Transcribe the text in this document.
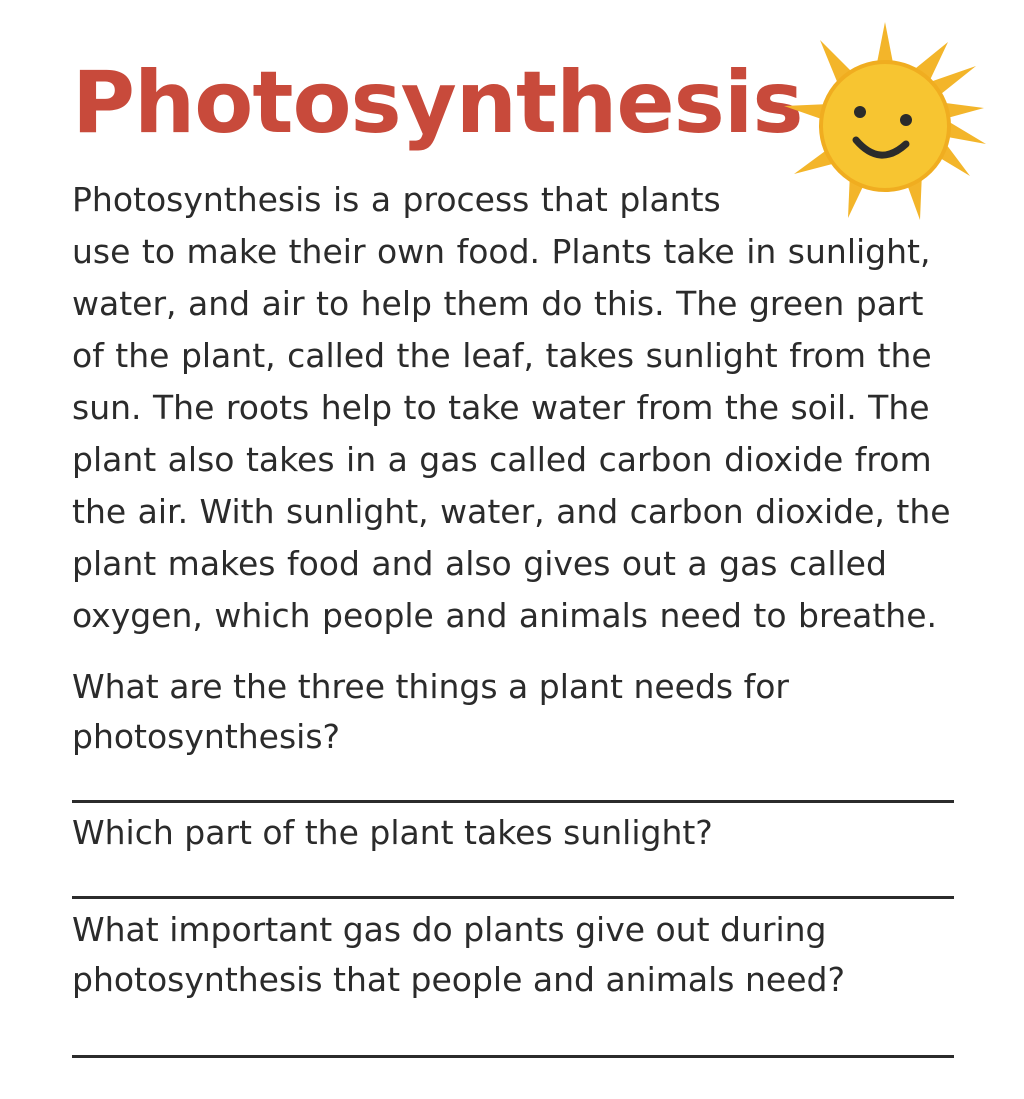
Photosynthesis

Photosynthesis is a process that plants
use to make their own food. Plants take in sunlight, water, and air to help them do this. The green part of the plant, called the leaf, takes sunlight from the sun. The roots help to take water from the soil. The plant also takes in a gas called carbon dioxide from the air. With sunlight, water, and carbon dioxide, the plant makes food and also gives out a gas called oxygen, which people and animals need to breathe.

What are the three things a plant needs for photosynthesis?

Which part of the plant takes sunlight?

What important gas do plants give out during photosynthesis that people and animals need?
